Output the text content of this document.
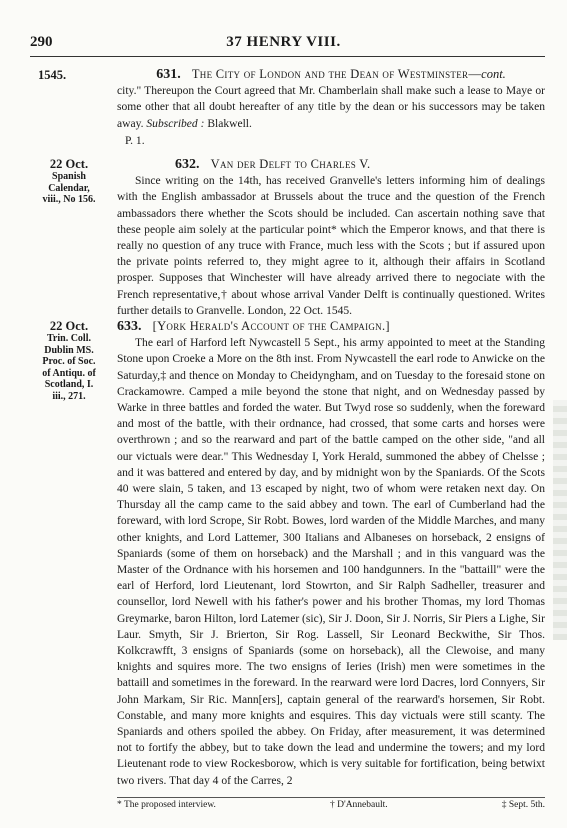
290	37 HENRY VIII.
1545.	631. The City of London and the Dean of Westminster—cont.

city." Thereupon the Court agreed that Mr. Chamberlain shall make such a lease to Maye or some other that all doubt hereafter of any title by the dean or his successors may be taken away. Subscribed : Blakwell.

P. 1.

22 Oct.
Spanish
Calendar,
viii., No 156.
632. Van der Delft to Charles V.

Since writing on the 14th, has received Granvelle's letters informing him of dealings with the English ambassador at Brussels about the truce and the question of the French ambassadors there whether the Scots should be included. Can ascertain nothing save that these people aim solely at the particular point* which the Emperor knows, and that there is really no question of any truce with France, much less with the Scots ; but if assured upon the private points referred to, they might agree to it, although their affairs in Scotland prosper. Supposes that Winchester will have already arrived there to negociate with the French representative,† about whose arrival Vander Delft is continually questioned. Writes further details to Granvelle. London, 22 Oct. 1545.

22 Oct.
Trin. Coll.
Dublin MS.
Proc. of Soc.
of Antiqu. of
Scotland, I.
iii., 271.
633. [York Herald's Account of the Campaign.]

The earl of Harford left Nywcastell 5 Sept., his army appointed to meet at the Standing Stone upon Croeke a More on the 8th inst. From Nywcastell the earl rode to Anwicke on the Saturday,‡ and thence on Monday to Cheidyngham, and on Tuesday to the foresaid stone on Crackamowre. Camped a mile beyond the stone that night, and on Wednesday passed by Warke in three battles and forded the water. But Twyd rose so suddenly, when the foreward and most of the battle, with their ordnance, had crossed, that some carts and horses were overthrown ; and so the rearward and part of the battle camped on the other side, "and all our victuals were dear." This Wednesday I, York Herald, summoned the abbey of Chelsse ; and it was battered and entered by day, and by midnight won by the Spaniards. Of the Scots 40 were slain, 5 taken, and 13 escaped by night, two of whom were retaken next day. On Thursday all the camp came to the said abbey and town. The earl of Cumberland had the foreward, with lord Scrope, Sir Robt. Bowes, lord warden of the Middle Marches, and many other knights, and Lord Lattemer, 300 Italians and Albaneses on horseback, 2 ensigns of Spaniards (some of them on horseback) and the Marshall ; and in this vanguard was the Master of the Ordnance with his horsemen and 100 handgunners. In the "battaill" were the earl of Herford, lord Lieutenant, lord Stowrton, and Sir Ralph Sadheller, treasurer and counsellor, lord Newell with his father's power and his brother Thomas, my lord Thomas Greymarke, baron Hilton, lord Latemer (sic), Sir J. Doon, Sir J. Norris, Sir Piers a Lighe, Sir Laur. Smyth, Sir J. Brierton, Sir Rog. Lassell, Sir Leonard Beckwithe, Sir Thos. Kolkcrawfft, 3 ensigns of Spaniards (some on horseback), all the Clewoise, and many knights and squires more. The two ensigns of Ieries (Irish) men were sometimes in the battaill and sometimes in the foreward. In the rearward were lord Dacres, lord Connyers, Sir John Markam, Sir Ric. Mann[ers], captain general of the rearward's horsemen, Sir Robt. Constable, and many more knights and esquires. This day victuals were still scanty. The Spaniards and others spoiled the abbey. On Friday, after measurement, it was determined not to fortify the abbey, but to take down the lead and undermine the towers; and my lord Lieutenant rode to view Rockesborow, which is very suitable for fortification, being betwixt two rivers. That day 4 of the Carres, 2

* The proposed interview.	† D'Annebault.	‡ Sept. 5th.
